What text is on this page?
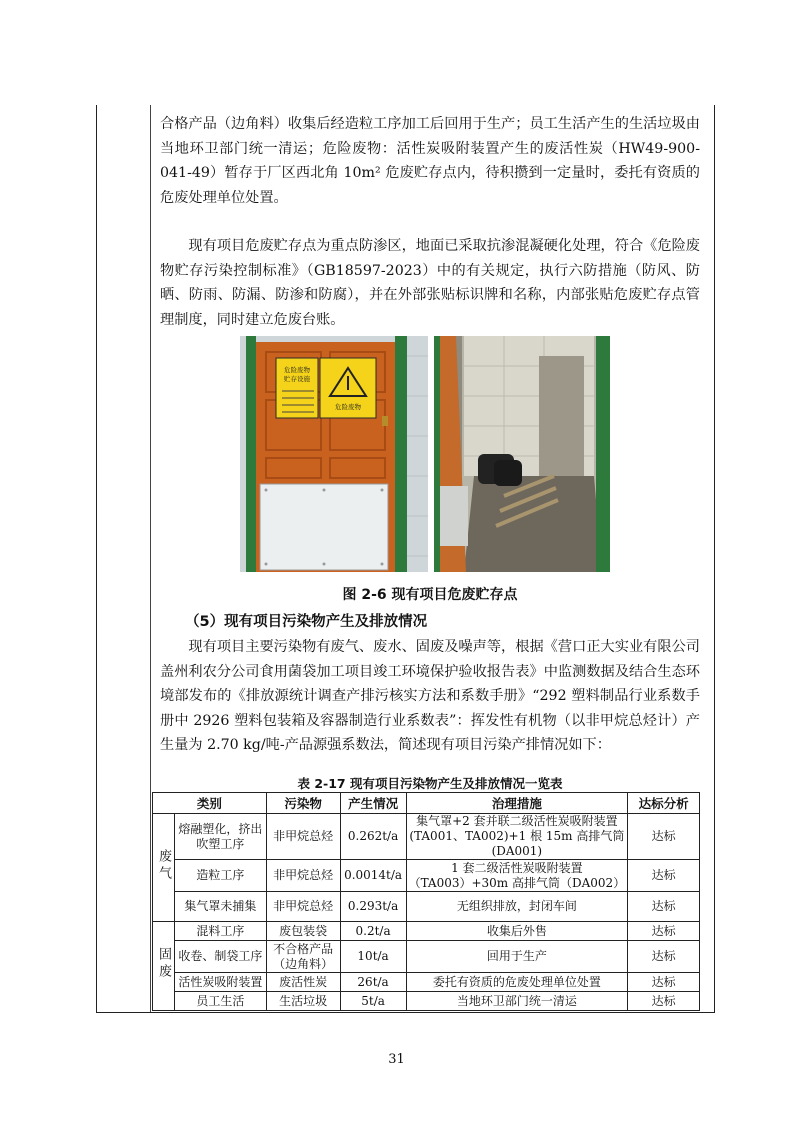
合格产品（边角料）收集后经造粒工序加工后回用于生产；员工生活产生的生活垃圾由当地环卫部门统一清运；危险废物：活性炭吸附装置产生的废活性炭（HW49-900-041-49）暂存于厂区西北角 10m² 危废贮存点内，待积攒到一定量时，委托有资质的危废处理单位处置。

现有项目危废贮存点为重点防渗区，地面已采取抗渗混凝硬化处理，符合《危险废物贮存污染控制标准》（GB18597-2023）中的有关规定，执行六防措施（防风、防晒、防雨、防漏、防渗和防腐），并在外部张贴标识牌和名称，内部张贴危废贮存点管理制度，同时建立危废台账。

危险废物
贮存设施
危险废物
图 2-6 现有项目危废贮存点
（5）现有项目污染物产生及排放情况

现有项目主要污染物有废气、废水、固废及噪声等，根据《营口正大实业有限公司盖州利农分公司食用菌袋加工项目竣工环境保护验收报告表》中监测数据及结合生态环境部发布的《排放源统计调查产排污核实方法和系数手册》“292 塑料制品行业系数手册中 2926 塑料包装箱及容器制造行业系数表”：挥发性有机物（以非甲烷总烃计）产生量为 2.70 kg/吨-产品源强系数法，简述现有项目污染产排情况如下：

表 2-17 现有项目污染物产生及排放情况一览表
类别		污染物	产生情况	治理措施	达标分析
废气	熔融塑化，挤出吹塑工序	非甲烷总烃	0.262t/a	集气罩+2 套并联二级活性炭吸附装置(TA001、TA002)+1 根 15m 高排气筒(DA001)	达标
	造粒工序	非甲烷总烃	0.0014t/a	1 套二级活性炭吸附装置（TA003）+30m 高排气筒（DA002）	达标
	集气罩未捕集	非甲烷总烃	0.293t/a	无组织排放，封闭车间	达标
固废	混料工序	废包装袋	0.2t/a	收集后外售	达标
	收卷、制袋工序	不合格产品（边角料）	10t/a	回用于生产	达标
	活性炭吸附装置	废活性炭	26t/a	委托有资质的危废处理单位处置	达标
	员工生活	生活垃圾	5t/a	当地环卫部门统一清运	达标
31
